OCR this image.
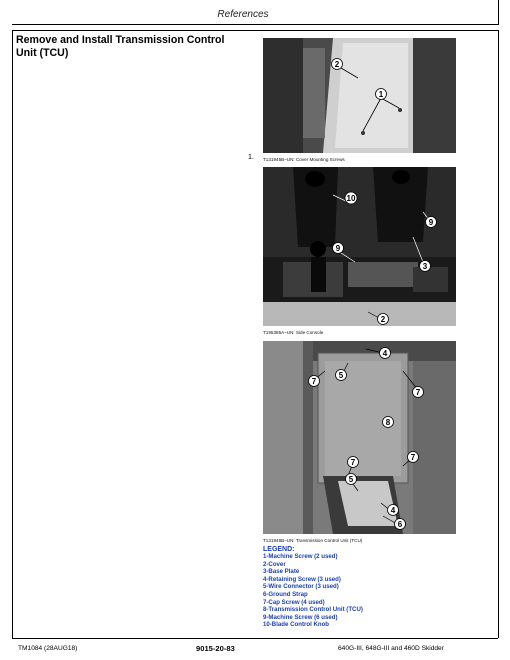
References
Remove and Install Transmission Control Unit (TCU)
1.
2
1
T131945B–UN: Cover Mounting Screws
10
9
3
9
2
T195385A–UN: Side Console
4
7
5
7
8
7
7
5
4
6
T131946B–UN: Transmission Control Unit (TCU)
LEGEND:
1-Machine Screw (2 used)
2-Cover
3-Base Plate
4-Retaining Screw (3 used)
5-Wire Connector (3 used)
6-Ground Strap
7-Cap Screw (4 used)
8-Transmission Control Unit (TCU)
9-Machine Screw (6 used)
10-Blade Control Knob
TM1084 (28AUG18)	9015-20-83	640G-III, 648G-III and 460D Skidder
